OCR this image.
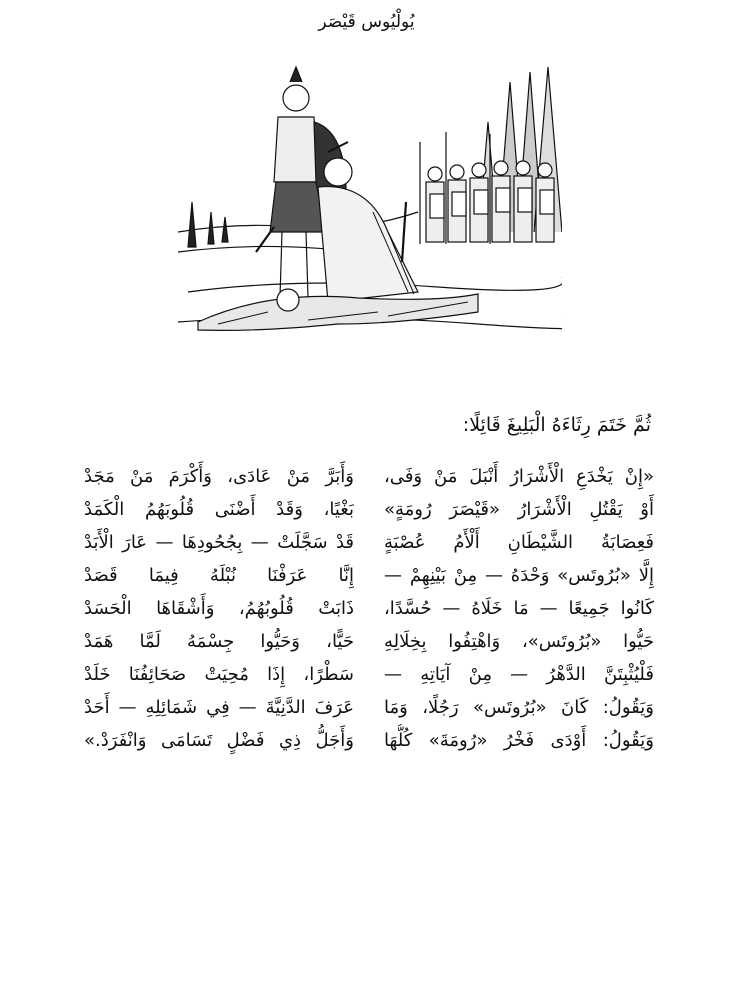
يُولْيُوس قَيْصَر
ثُمَّ خَتَمَ رِثَاءَهُ الْبَلِيغَ قَائِلًا:
«إِنْ يَخْدَعِ الْأَشْرَارُ أَنْبَلَ مَنْ وَفَى،
أَوْ يَقْتُلِ الْأَشْرَارُ «قَيْصَرَ رُومَةٍ»
فَعِصَابَةُ الشَّيْطَانِ أَلْأَمُ عُصْبَةٍ
إِلَّا «بُرُوتَس» وَحْدَهُ — مِنْ بَيْنِهِمْ —
كَانُوا جَمِيعًا — مَا خَلَاهُ — حُسَّدًا،
حَيُّوا «بُرُوتَس»، وَاهْتِفُوا بِخِلَالِهِ
فَلْيُثْبِتَنَّ الدَّهْرُ — مِنْ آيَاتِهِ —
وَيَقُولُ: كَانَ «بُرُوتَس» رَجُلًا، وَمَا
وَيَقُولُ: أَوْدَى فَخْرُ «رُومَةَ» كُلُّهَا
وَأَبَرَّ مَنْ عَادَى، وَأَكْرَمَ مَنْ مَجَدْ
بَغْيًا، وَقَدْ أَضْنَى قُلُوبَهُمُ الْكَمَدْ
قَدْ سَجَّلَتْ — بِجُحُودِهَا — عَارَ الْأَبَدْ
إِنَّا عَرَفْنَا نُبْلَهُ فِيمَا قَصَدْ
ذَابَتْ قُلُوبُهُمُ، وَأَشْقَاهَا الْحَسَدْ
حَيًّا، وَحَيُّوا جِسْمَهُ لَمَّا هَمَدْ
سَطْرًا، إِذَا مُحِيَتْ صَحَائِفُنَا خَلَدْ
عَرَفَ الدَّنِيَّةَ — فِي شَمَائِلِهِ — أَحَدْ
وَأَجَلُّ ذِي فَضْلٍ تَسَامَى وَانْفَرَدْ.»
